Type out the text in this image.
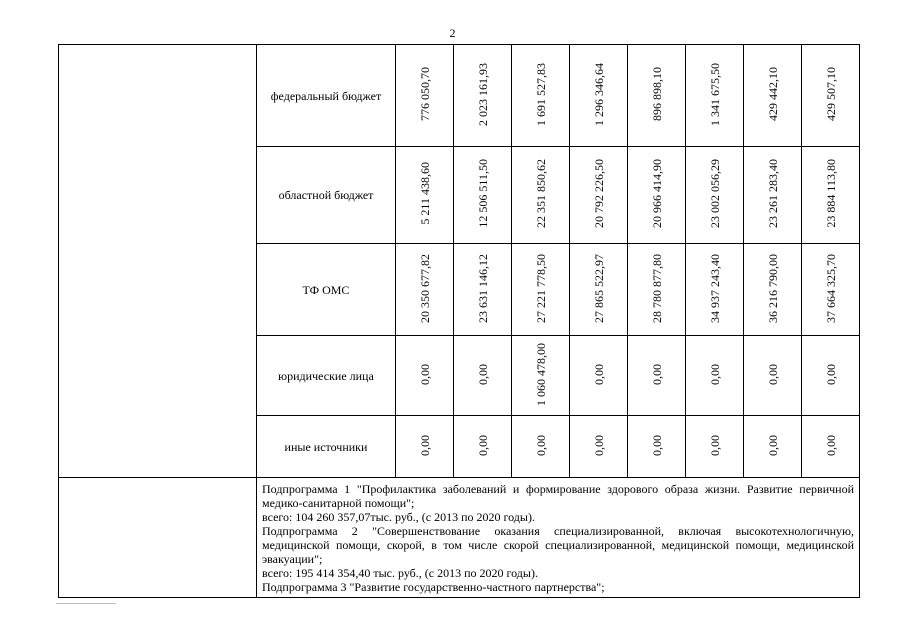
2
	федеральный бюджет	776 050,70	2 023 161,93	1 691 527,83	1 296 346,64	896 898,10	1 341 675,50	429 442,10	429 507,10
	областной бюджет	5 211 438,60	12 506 511,50	22 351 850,62	20 792 226,50	20 966 414,90	23 002 056,29	23 261 283,40	23 884 113,80
	ТФ ОМС	20 350 677,82	23 631 146,12	27 221 778,50	27 865 522,97	28 780 877,80	34 937 243,40	36 216 790,00	37 664 325,70
	юридические лица	0,00	0,00	1 060 478,00	0,00	0,00	0,00	0,00	0,00
	иные источники	0,00	0,00	0,00	0,00	0,00	0,00	0,00	0,00

	Подпрограмма 1 "Профилактика заболеваний и формирование здорового образа жизни. Развитие первичной медико-санитарной помощи";

всего: 104 260 357,07тыс. руб., (с 2013 по 2020 годы).

Подпрограмма 2 "Совершенствование оказания специализированной, включая высокотехнологичную, медицинской помощи, скорой, в том числе скорой специализированной, медицинской помощи, медицинской эвакуации";

всего: 195 414 354,40 тыс. руб., (с 2013 по 2020 годы).

Подпрограмма 3 "Развитие государственно-частного партнерства";								
